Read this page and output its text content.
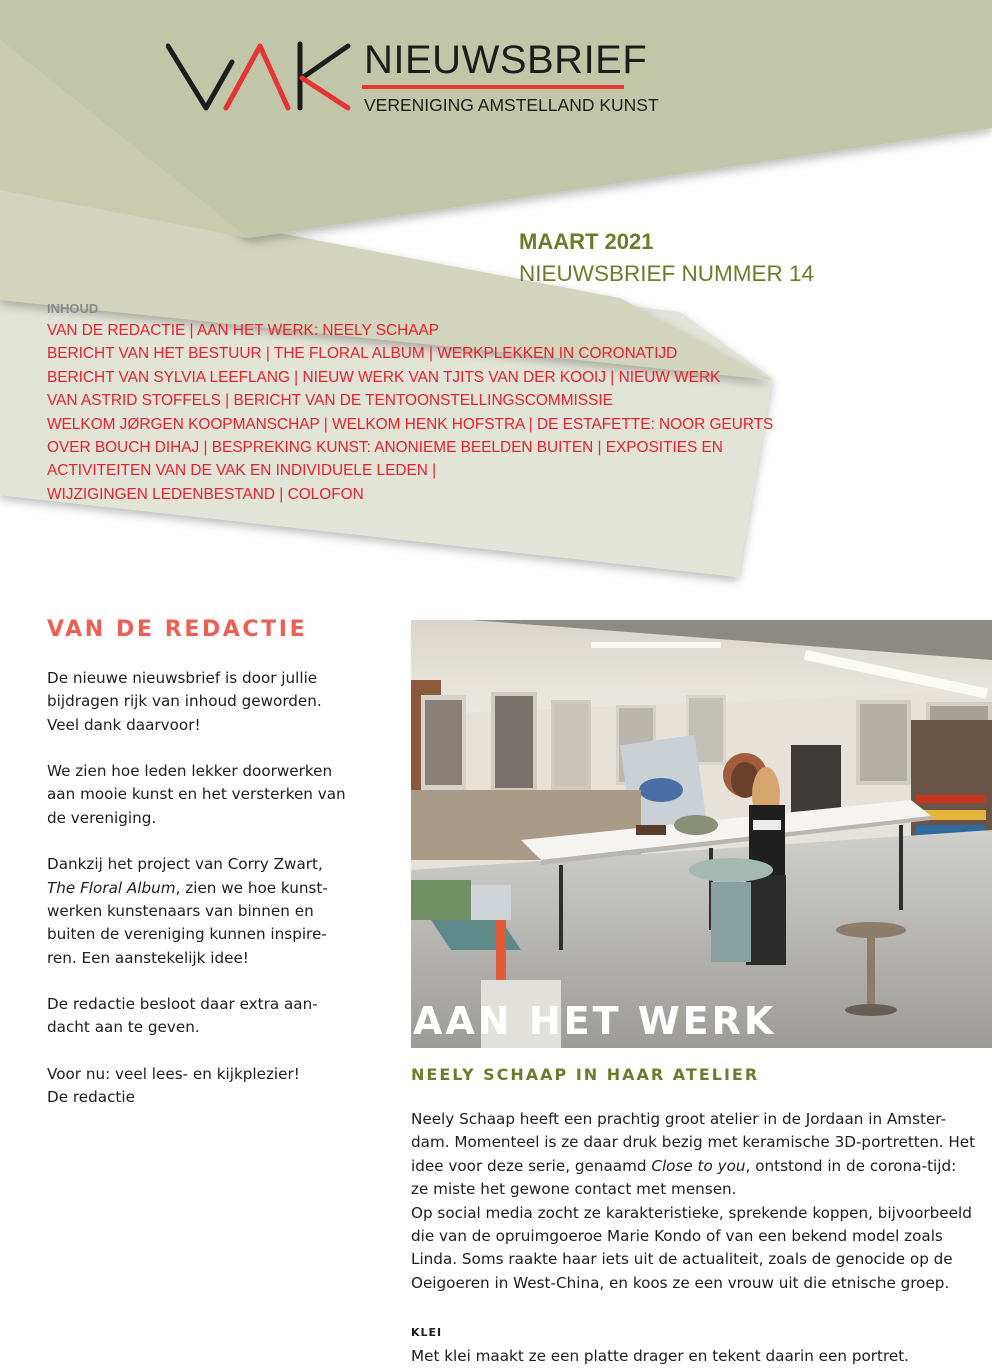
NIEUWSBRIEF
VERENIGING AMSTELLAND KUNST
MAART 2021
NIEUWSBRIEF NUMMER 14
INHOUD
VAN DE REDACTIE | AAN HET WERK: NEELY SCHAAP
BERICHT VAN HET BESTUUR | THE FLORAL ALBUM | WERKPLEKKEN IN CORONATIJD
BERICHT VAN SYLVIA LEEFLANG | NIEUW WERK VAN TJITS VAN DER KOOIJ | NIEUW WERK
VAN ASTRID STOFFELS | BERICHT VAN DE TENTOONSTELLINGSCOMMISSIE
WELKOM JØRGEN KOOPMANSCHAP | WELKOM HENK HOFSTRA | DE ESTAFETTE: NOOR GEURTS
OVER BOUCH DIHAJ | BESPREKING KUNST: ANONIEME BEELDEN BUITEN | EXPOSITIES EN
ACTIVITEITEN VAN DE VAK EN INDIVIDUELE LEDEN |
WIJZIGINGEN LEDENBESTAND | COLOFON
VAN DE REDACTIE

De nieuwe nieuwsbrief is door jullie
bijdragen rijk van inhoud geworden.
Veel dank daarvoor!

We zien hoe leden lekker doorwerken
aan mooie kunst en het versterken van
de vereniging.

Dankzij het project van Corry Zwart,
The Floral Album, zien we hoe kunst-
werken kunstenaars van binnen en
buiten de vereniging kunnen inspire-
ren. Een aanstekelijk idee!

De redactie besloot daar extra aan-
dacht aan te geven.

Voor nu: veel lees- en kijkplezier!
De redactie

AAN HET WERK
NEELY SCHAAP IN HAAR ATELIER
Neely Schaap heeft een prachtig groot atelier in de Jordaan in Amster-
dam. Momenteel is ze daar druk bezig met keramische 3D-portretten. Het
idee voor deze serie, genaamd Close to you, ontstond in de corona-tijd:
ze miste het gewone contact met mensen.
Op social media zocht ze karakteristieke, sprekende koppen, bijvoorbeeld
die van de opruimgoeroe Marie Kondo of van een bekend model zoals
Linda. Soms raakte haar iets uit de actualiteit, zoals de genocide op de
Oeigoeren in West-China, en koos ze een vrouw uit die etnische groep.
KLEI
Met klei maakt ze een platte drager en tekent daarin een portret.
